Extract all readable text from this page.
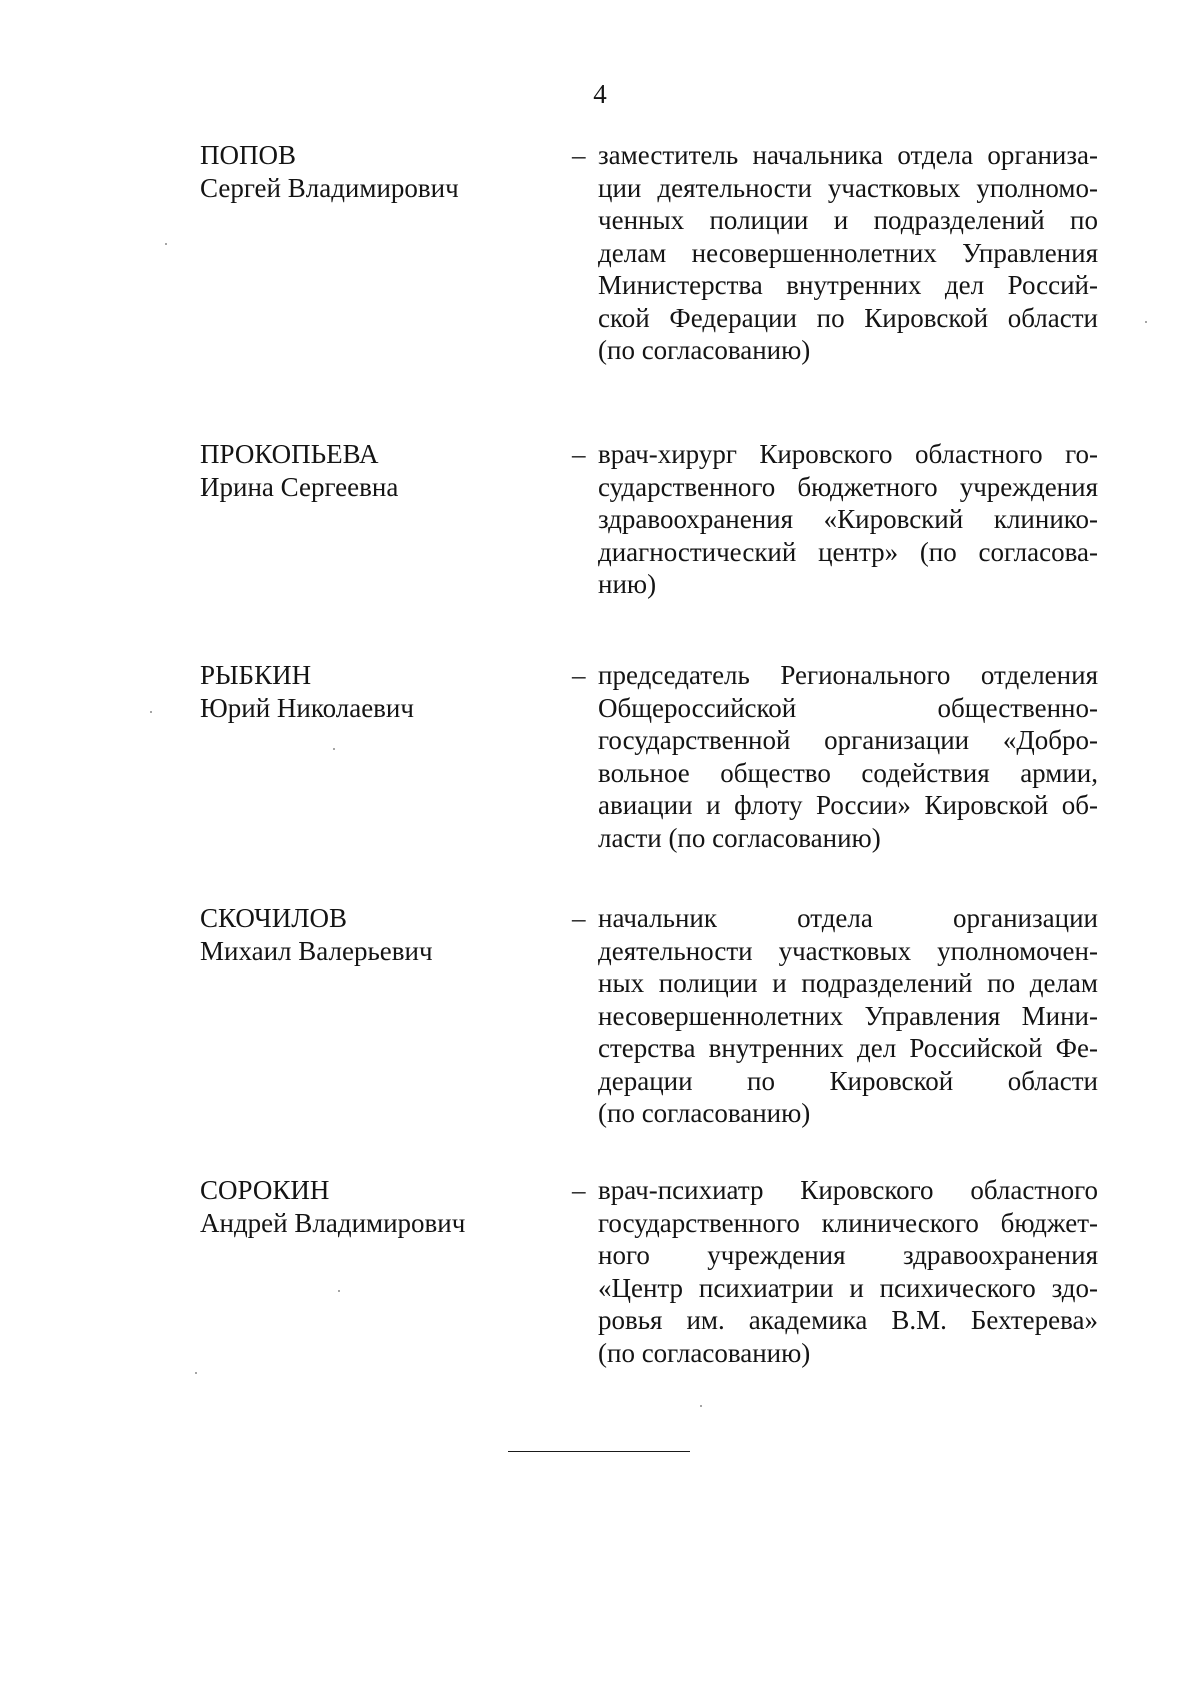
4
ПОПОВ
Сергей Владимирович
– заместитель начальника отдела организа-
ции деятельности участковых уполномо-
ченных полиции и подразделений по
делам несовершеннолетних Управления
Министерства внутренних дел Россий-
ской Федерации по Кировской области
(по согласованию)
ПРОКОПЬЕВА
Ирина Сергеевна
– врач-хирург Кировского областного го-
сударственного бюджетного учреждения
здравоохранения «Кировский клинико-
диагностический центр» (по согласова-
нию)
РЫБКИН
Юрий Николаевич
– председатель Регионального отделения
Общероссийской общественно-
государственной организации «Добро-
вольное общество содействия армии,
авиации и флоту России» Кировской об-
ласти (по согласованию)
СКОЧИЛОВ
Михаил Валерьевич
– начальник отдела организации
деятельности участковых уполномочен-
ных полиции и подразделений по делам
несовершеннолетних Управления Мини-
стерства внутренних дел Российской Фе-
дерации по Кировской области
(по согласованию)
СОРОКИН
Андрей Владимирович
– врач-психиатр Кировского областного
государственного клинического бюджет-
ного учреждения здравоохранения
«Центр психиатрии и психического здо-
ровья им. академика В.М. Бехтерева»
(по согласованию)
